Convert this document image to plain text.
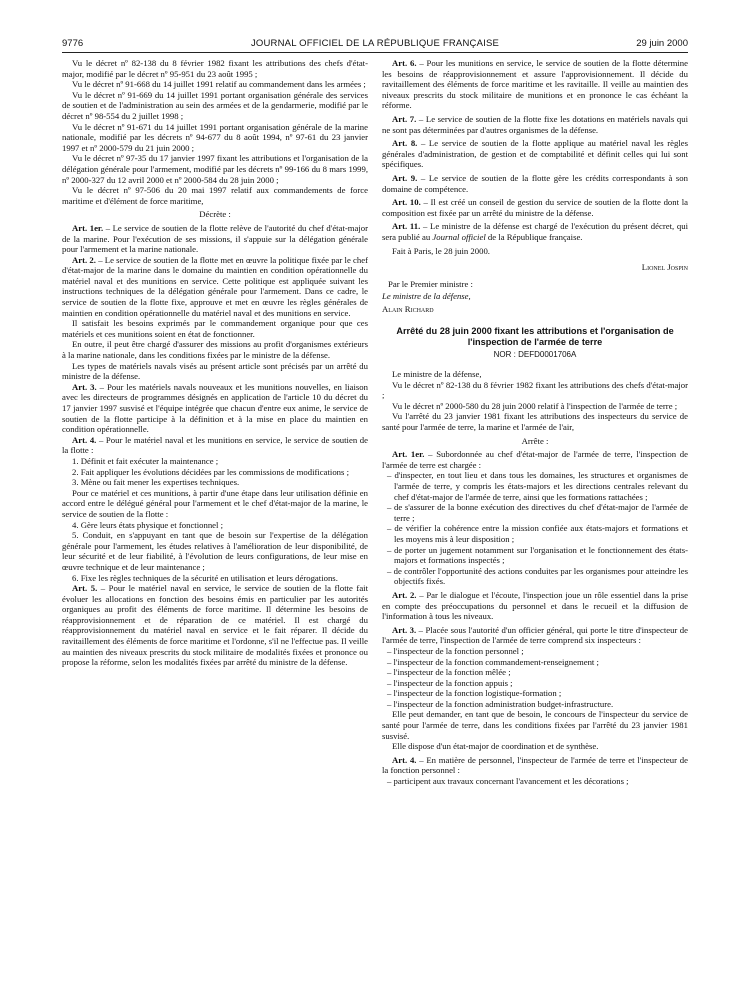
9776	JOURNAL OFFICIEL DE LA RÉPUBLIQUE FRANÇAISE	29 juin 2000

Vu le décret nº 82-138 du 8 février 1982 fixant les attributions des chefs d'état-major, modifié par le décret nº 95-951 du 23 août 1995 ;

Vu le décret nº 91-668 du 14 juillet 1991 relatif au commandement dans les armées ;

Vu le décret nº 91-669 du 14 juillet 1991 portant organisation générale des services de soutien et de l'administration au sein des armées et de la gendarmerie, modifié par le décret nº 98-554 du 2 juillet 1998 ;

Vu le décret nº 91-671 du 14 juillet 1991 portant organisation générale de la marine nationale, modifié par les décrets nº 94-677 du 8 août 1994, nº 97-61 du 23 janvier 1997 et nº 2000-579 du 21 juin 2000 ;

Vu le décret nº 97-35 du 17 janvier 1997 fixant les attributions et l'organisation de la délégation générale pour l'armement, modifié par les décrets nº 99-166 du 8 mars 1999, nº 2000-327 du 12 avril 2000 et nº 2000-584 du 28 juin 2000 ;

Vu le décret nº 97-506 du 20 mai 1997 relatif aux commandements de force maritime et d'élément de force maritime,

Décrète :

Art. 1er. – Le service de soutien de la flotte relève de l'autorité du chef d'état-major de la marine. Pour l'exécution de ses missions, il s'appuie sur la délégation générale pour l'armement et la marine nationale.

Art. 2. – Le service de soutien de la flotte met en œuvre la politique fixée par le chef d'état-major de la marine dans le domaine du maintien en condition opérationnelle du matériel naval et des munitions en service. Cette politique est appliquée suivant les instructions techniques de la délégation générale pour l'armement. Dans ce cadre, le service de soutien de la flotte fixe, approuve et met en œuvre les règles générales de maintien en condition opérationnelle du matériel naval et des munitions en service.

Il satisfait les besoins exprimés par le commandement organique pour que ces matériels et ces munitions soient en état de fonctionner.

En outre, il peut être chargé d'assurer des missions au profit d'organismes extérieurs à la marine nationale, dans les conditions fixées par le ministre de la défense.

Les types de matériels navals visés au présent article sont précisés par un arrêté du ministre de la défense.

Art. 3. – Pour les matériels navals nouveaux et les munitions nouvelles, en liaison avec les directeurs de programmes désignés en application de l'article 10 du décret du 17 janvier 1997 susvisé et l'équipe intégrée que chacun d'entre eux anime, le service de soutien de la flotte participe à la définition et à la mise en place du maintien en condition opérationnelle.

Art. 4. – Pour le matériel naval et les munitions en service, le service de soutien de la flotte :

1. Définit et fait exécuter la maintenance ;

2. Fait appliquer les évolutions décidées par les commissions de modifications ;

3. Mène ou fait mener les expertises techniques.

Pour ce matériel et ces munitions, à partir d'une étape dans leur utilisation définie en accord entre le délégué général pour l'armement et le chef d'état-major de la marine, le service de soutien de la flotte :

4. Gère leurs états physique et fonctionnel ;

5. Conduit, en s'appuyant en tant que de besoin sur l'expertise de la délégation générale pour l'armement, les études relatives à l'amélioration de leur disponibilité, de leur sécurité et de leur fiabilité, à l'évolution de leurs configurations, de leur mise en œuvre technique et de leur maintenance ;

6. Fixe les règles techniques de la sécurité en utilisation et leurs dérogations.

Art. 5. – Pour le matériel naval en service, le service de soutien de la flotte fait évoluer les allocations en fonction des besoins émis en particulier par les autorités organiques au profit des éléments de force maritime. Il détermine les besoins de réapprovisionnement et de réparation de ce matériel. Il est chargé du réapprovisionnement du matériel naval en service et le fait réparer. Il décide du ravitaillement des éléments de force maritime et l'ordonne, s'il ne l'effectue pas. Il veille au maintien des niveaux prescrits du stock militaire de modalités fixées et prononce ou propose la réforme, selon les modalités fixées par arrêté du ministre de la défense.

Art. 6. – Pour les munitions en service, le service de soutien de la flotte détermine les besoins de réapprovisionnement et assure l'approvisionnement. Il décide du ravitaillement des éléments de force maritime et les ravitaille. Il veille au maintien des niveaux prescrits du stock militaire de munitions et en prononce le cas échéant la réforme.

Art. 7. – Le service de soutien de la flotte fixe les dotations en matériels navals qui ne sont pas déterminées par d'autres organismes de la défense.

Art. 8. – Le service de soutien de la flotte applique au matériel naval les règles générales d'administration, de gestion et de comptabilité et définit celles qui lui sont spécifiques.

Art. 9. – Le service de soutien de la flotte gère les crédits correspondants à son domaine de compétence.

Art. 10. – Il est créé un conseil de gestion du service de soutien de la flotte dont la composition est fixée par un arrêté du ministre de la défense.

Art. 11. – Le ministre de la défense est chargé de l'exécution du présent décret, qui sera publié au Journal officiel de la République française.

Fait à Paris, le 28 juin 2000.

Lionel Jospin

Par le Premier ministre :

Le ministre de la défense,

Alain Richard

Arrêté du 28 juin 2000 fixant les attributions et l'organisation de l'inspection de l'armée de terre
NOR : DEFD0001706A

Le ministre de la défense,

Vu le décret nº 82-138 du 8 février 1982 fixant les attributions des chefs d'état-major ;

Vu le décret nº 2000-580 du 28 juin 2000 relatif à l'inspection de l'armée de terre ;

Vu l'arrêté du 23 janvier 1981 fixant les attributions des inspecteurs du service de santé pour l'armée de terre, la marine et l'armée de l'air,

Arrête :

Art. 1er. – Subordonnée au chef d'état-major de l'armée de terre, l'inspection de l'armée de terre est chargée :

– d'inspecter, en tout lieu et dans tous les domaines, les structures et organismes de l'armée de terre, y compris les états-majors et les directions centrales relevant du chef d'état-major de l'armée de terre, ainsi que les formations rattachées ;

– de s'assurer de la bonne exécution des directives du chef d'état-major de l'armée de terre ;

– de vérifier la cohérence entre la mission confiée aux états-majors et formations et les moyens mis à leur disposition ;

– de porter un jugement notamment sur l'organisation et le fonctionnement des états-majors et formations inspectés ;

– de contrôler l'opportunité des actions conduites par les organismes pour atteindre les objectifs fixés.

Art. 2. – Par le dialogue et l'écoute, l'inspection joue un rôle essentiel dans la prise en compte des préoccupations du personnel et dans le recueil et la diffusion de l'information à tous les niveaux.

Art. 3. – Placée sous l'autorité d'un officier général, qui porte le titre d'inspecteur de l'armée de terre, l'inspection de l'armée de terre comprend six inspecteurs :

– l'inspecteur de la fonction personnel ;

– l'inspecteur de la fonction commandement-renseignement ;

– l'inspecteur de la fonction mêlée ;

– l'inspecteur de la fonction appuis ;

– l'inspecteur de la fonction logistique-formation ;

– l'inspecteur de la fonction administration budget-infrastructure.

Elle peut demander, en tant que de besoin, le concours de l'inspecteur du service de santé pour l'armée de terre, dans les conditions fixées par l'arrêté du 23 janvier 1981 susvisé.

Elle dispose d'un état-major de coordination et de synthèse.

Art. 4. – En matière de personnel, l'inspecteur de l'armée de terre et l'inspecteur de la fonction personnel :

– participent aux travaux concernant l'avancement et les décorations ;
